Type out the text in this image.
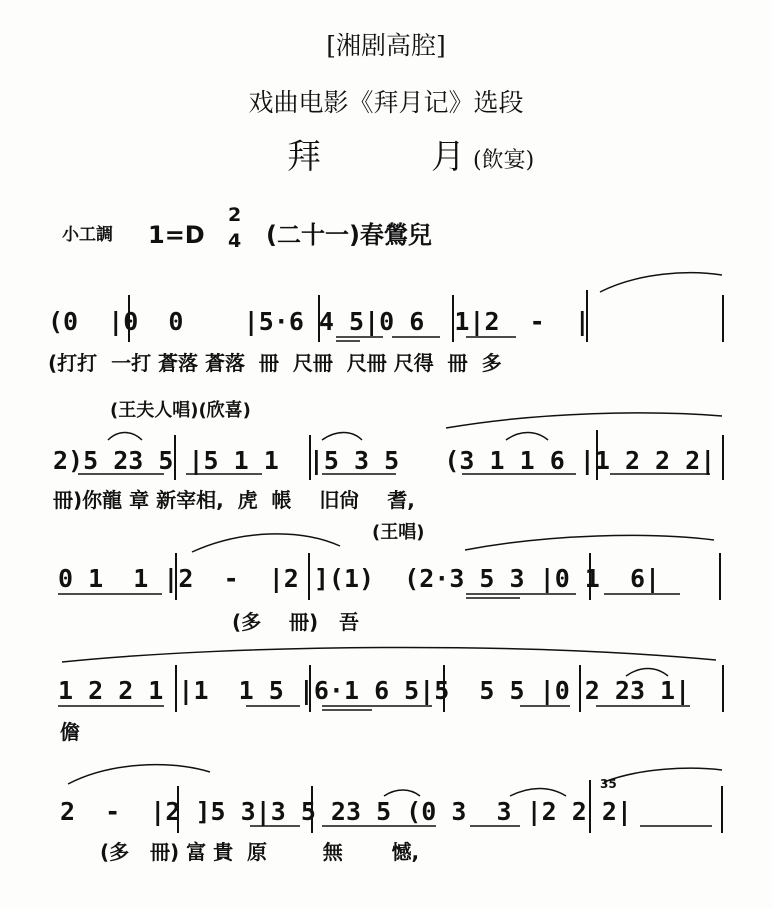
[湘剧高腔]
戏曲电影《拜月记》选段
拜	月 (飲宴)
小工調 1=D
2
4 (二十一)春鶯兒
(0  |0  0    |5·6 4 5|0 6  1|2  -  |
(打打  一打 蒼落 蒼落  冊  尺冊  尺冊 尺得  冊  多
(王夫人唱)(欣喜)
2)5 23 5 |5 1 1  |5 3 5   (3 1 1 6 |1 2 2 2|
冊)你龍 章 新宰相,  虎  帳    旧尙    耆,
(王唱)
0 1  1 |2  -  |2 ](1)  (2·3 5 3 |0 1  6|
(多    冊)   吾
1 2 2 1 |1  1 5 |6·1 6 5|5  5 5 |0 2 23 1|
儋
2  -  |2 ]5 3|3 5 23 5 (0 3  3 |2 2 2|
35
(多   冊) 富 貴  原        無       憾,
